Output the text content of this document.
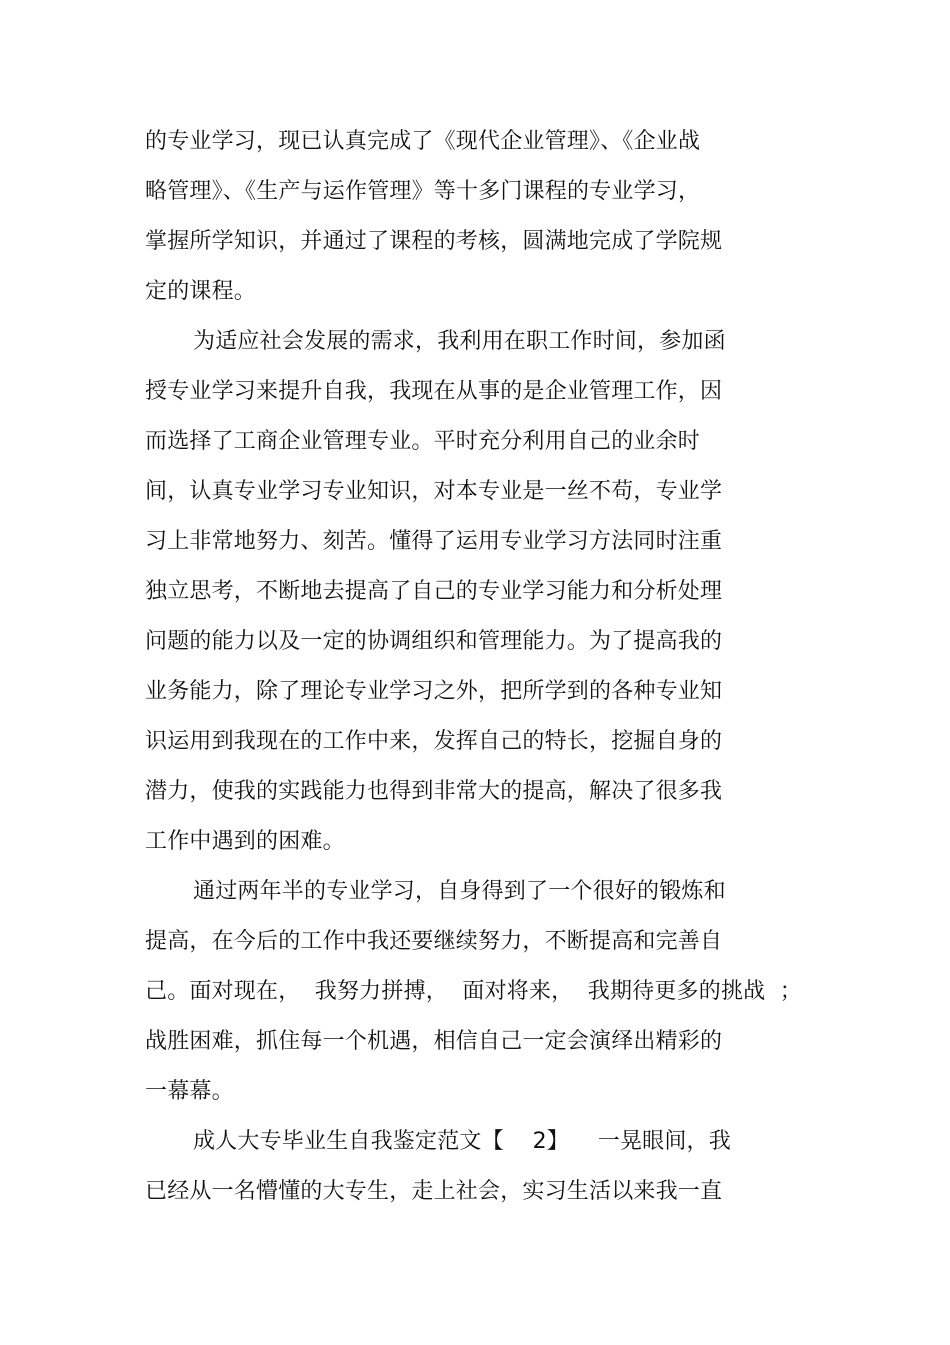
的专业学习，现已认真完成了《现代企业管理》、《企业战
略管理》、《生产与运作管理》等十多门课程的专业学习，
掌握所学知识，并通过了课程的考核，圆满地完成了学院规
定的课程。
为适应社会发展的需求，我利用在职工作时间，参加函
授专业学习来提升自我，我现在从事的是企业管理工作，因
而选择了工商企业管理专业。平时充分利用自己的业余时
间，认真专业学习专业知识，对本专业是一丝不苟，专业学
习上非常地努力、刻苦。懂得了运用专业学习方法同时注重
独立思考，不断地去提高了自己的专业学习能力和分析处理
问题的能力以及一定的协调组织和管理能力。为了提高我的
业务能力，除了理论专业学习之外，把所学到的各种专业知
识运用到我现在的工作中来，发挥自己的特长，挖掘自身的
潜力，使我的实践能力也得到非常大的提高，解决了很多我
工作中遇到的困难。
通过两年半的专业学习，自身得到了一个很好的锻炼和
提高，在今后的工作中我还要继续努力，不断提高和完善自
己。面对现在，  我努力拼搏，  面对将来，  我期待更多的挑战  ；
战胜困难，抓住每一个机遇，相信自己一定会演绎出精彩的
一幕幕。
成人大专毕业生自我鉴定范文【    2】    一晃眼间，我
已经从一名懵懂的大专生，走上社会，实习生活以来我一直
